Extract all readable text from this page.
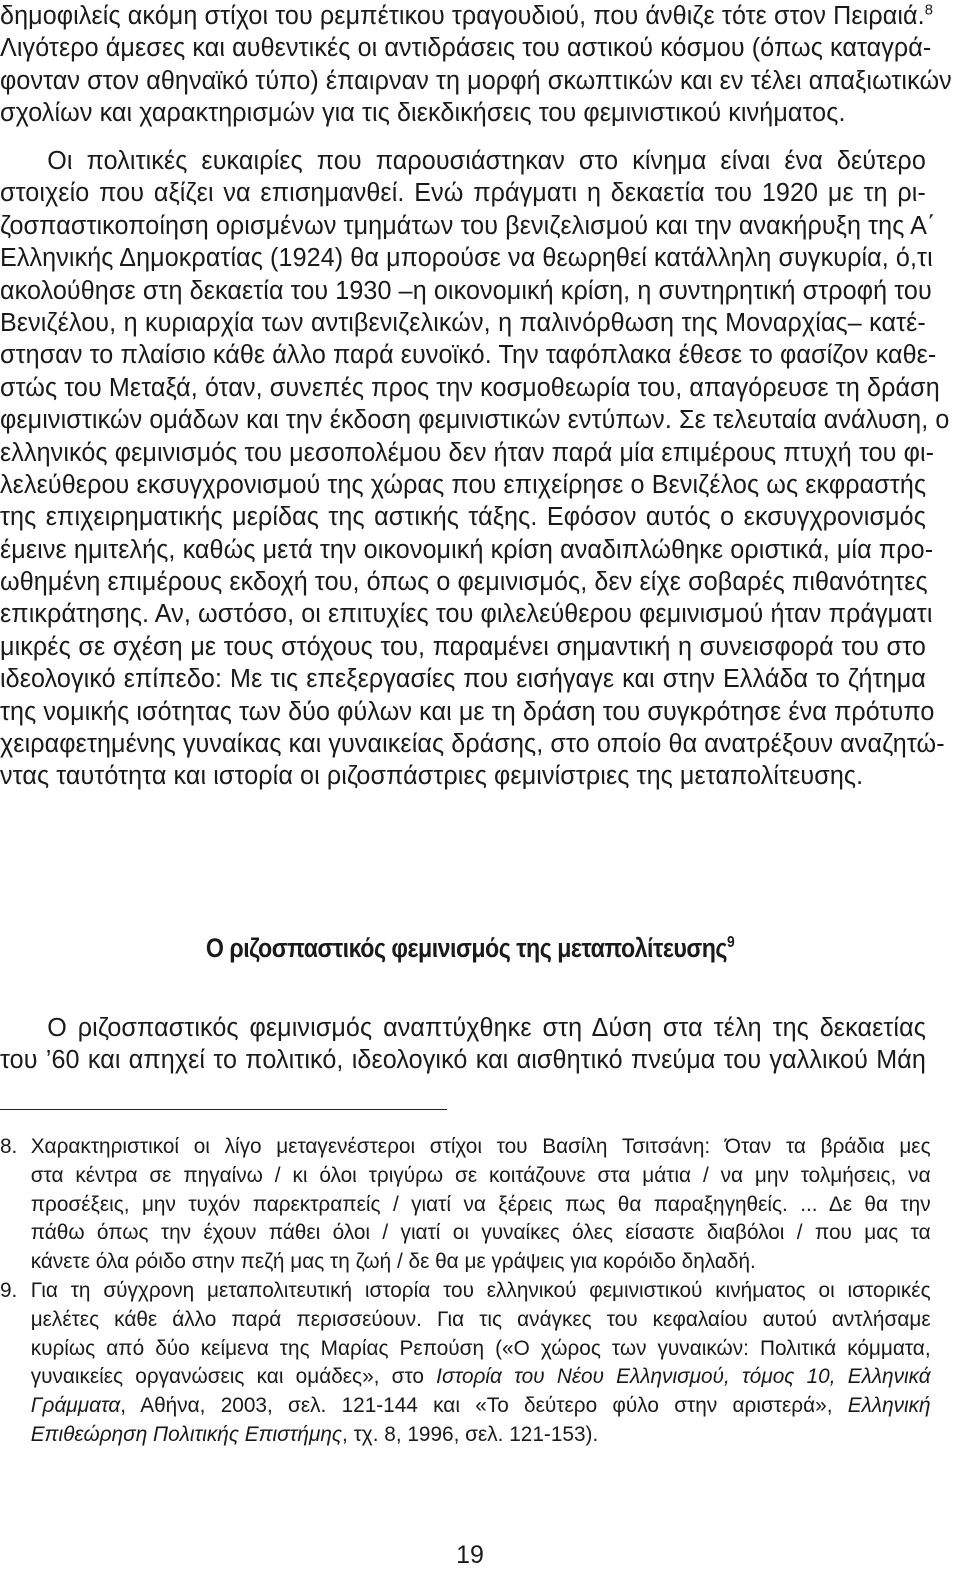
δημοφιλείς ακόμη στίχοι του ρεμπέτικου τραγουδιού, που άνθιζε τότε στον Πειραιά.$^8$
Λιγότερο άμεσες και αυθεντικές οι αντιδράσεις του αστικού κόσμου (όπως καταγρά-
φονταν στον αθηναϊκό τύπο) έπαιρναν τη μορφή σκωπτικών και εν τέλει απαξιωτικών
σχολίων και χαρακτηρισμών για τις διεκδικήσεις του φεμινιστικού κινήματος.
Οι πολιτικές ευκαιρίες που παρουσιάστηκαν στο κίνημα είναι ένα δεύτερο
στοιχείο που αξίζει να επισημανθεί. Ενώ πράγματι η δεκαετία του 1920 με τη ρι-
ζοσπαστικοποίηση ορισμένων τμημάτων του βενιζελισμού και την ανακήρυξη της Α΄
Ελληνικής Δημοκρατίας (1924) θα μπορούσε να θεωρηθεί κατάλληλη συγκυρία, ό,τι
ακολούθησε στη δεκαετία του 1930 –η οικονομική κρίση, η συντηρητική στροφή του
Βενιζέλου, η κυριαρχία των αντιβενιζελικών, η παλινόρθωση της Μοναρχίας– κατέ-
στησαν το πλαίσιο κάθε άλλο παρά ευνοϊκό. Την ταφόπλακα έθεσε το φασίζον καθε-
στώς του Μεταξά, όταν, συνεπές προς την κοσμοθεωρία του, απαγόρευσε τη δράση
φεμινιστικών ομάδων και την έκδοση φεμινιστικών εντύπων. Σε τελευταία ανάλυση, ο
ελληνικός φεμινισμός του μεσοπολέμου δεν ήταν παρά μία επιμέρους πτυχή του φι-
λελεύθερου εκσυγχρονισμού της χώρας που επιχείρησε ο Βενιζέλος ως εκφραστής
της επιχειρηματικής μερίδας της αστικής τάξης. Εφόσον αυτός ο εκσυγχρονισμός
έμεινε ημιτελής, καθώς μετά την οικονομική κρίση αναδιπλώθηκε οριστικά, μία προ-
ωθημένη επιμέρους εκδοχή του, όπως ο φεμινισμός, δεν είχε σοβαρές πιθανότητες
επικράτησης. Αν, ωστόσο, οι επιτυχίες του φιλελεύθερου φεμινισμού ήταν πράγματι
μικρές σε σχέση με τους στόχους του, παραμένει σημαντική η συνεισφορά του στο
ιδεολογικό επίπεδο: Με τις επεξεργασίες που εισήγαγε και στην Ελλάδα το ζήτημα
της νομικής ισότητας των δύο φύλων και με τη δράση του συγκρότησε ένα πρότυπο
χειραφετημένης γυναίκας και γυναικείας δράσης, στο οποίο θα ανατρέξουν αναζητώ-
ντας ταυτότητα και ιστορία οι ριζοσπάστριες φεμινίστριες της μεταπολίτευσης.
Ο ριζοσπαστικός φεμινισμός της μεταπολίτευσης$^9$
Ο ριζοσπαστικός φεμινισμός αναπτύχθηκε στη Δύση στα τέλη της δεκαετίας
του ’60 και απηχεί το πολιτικό, ιδεολογικό και αισθητικό πνεύμα του γαλλικού Μάη
8. Χαρακτηριστικοί οι λίγο μεταγενέστεροι στίχοι του Βασίλη Τσιτσάνη: Όταν τα βράδια μες
στα κέντρα σε πηγαίνω / κι όλοι τριγύρω σε κοιτάζουνε στα μάτια / να μην τολμήσεις, να
προσέξεις, μην τυχόν παρεκτραπείς / γιατί να ξέρεις πως θα παραξηγηθείς. ... Δε θα την
πάθω όπως την έχουν πάθει όλοι / γιατί οι γυναίκες όλες είσαστε διαβόλοι / που μας τα
κάνετε όλα ρόιδο στην πεζή μας τη ζωή / δε θα με γράψεις για κορόιδο δηλαδή.
9. Για τη σύγχρονη μεταπολιτευτική ιστορία του ελληνικού φεμινιστικού κινήματος οι ιστορικές
μελέτες κάθε άλλο παρά περισσεύουν. Για τις ανάγκες του κεφαλαίου αυτού αντλήσαμε
κυρίως από δύο κείμενα της Μαρίας Ρεπούση («Ο χώρος των γυναικών: Πολιτικά κόμματα,
γυναικείες οργανώσεις και ομάδες», στο Ιστορία του Νέου Ελληνισμού, τόμος 10, Ελληνικά
Γράμματα, Αθήνα, 2003, σελ. 121-144 και «Το δεύτερο φύλο στην αριστερά», Ελληνική
Επιθεώρηση Πολιτικής Επιστήμης, τχ. 8, 1996, σελ. 121-153).
19
